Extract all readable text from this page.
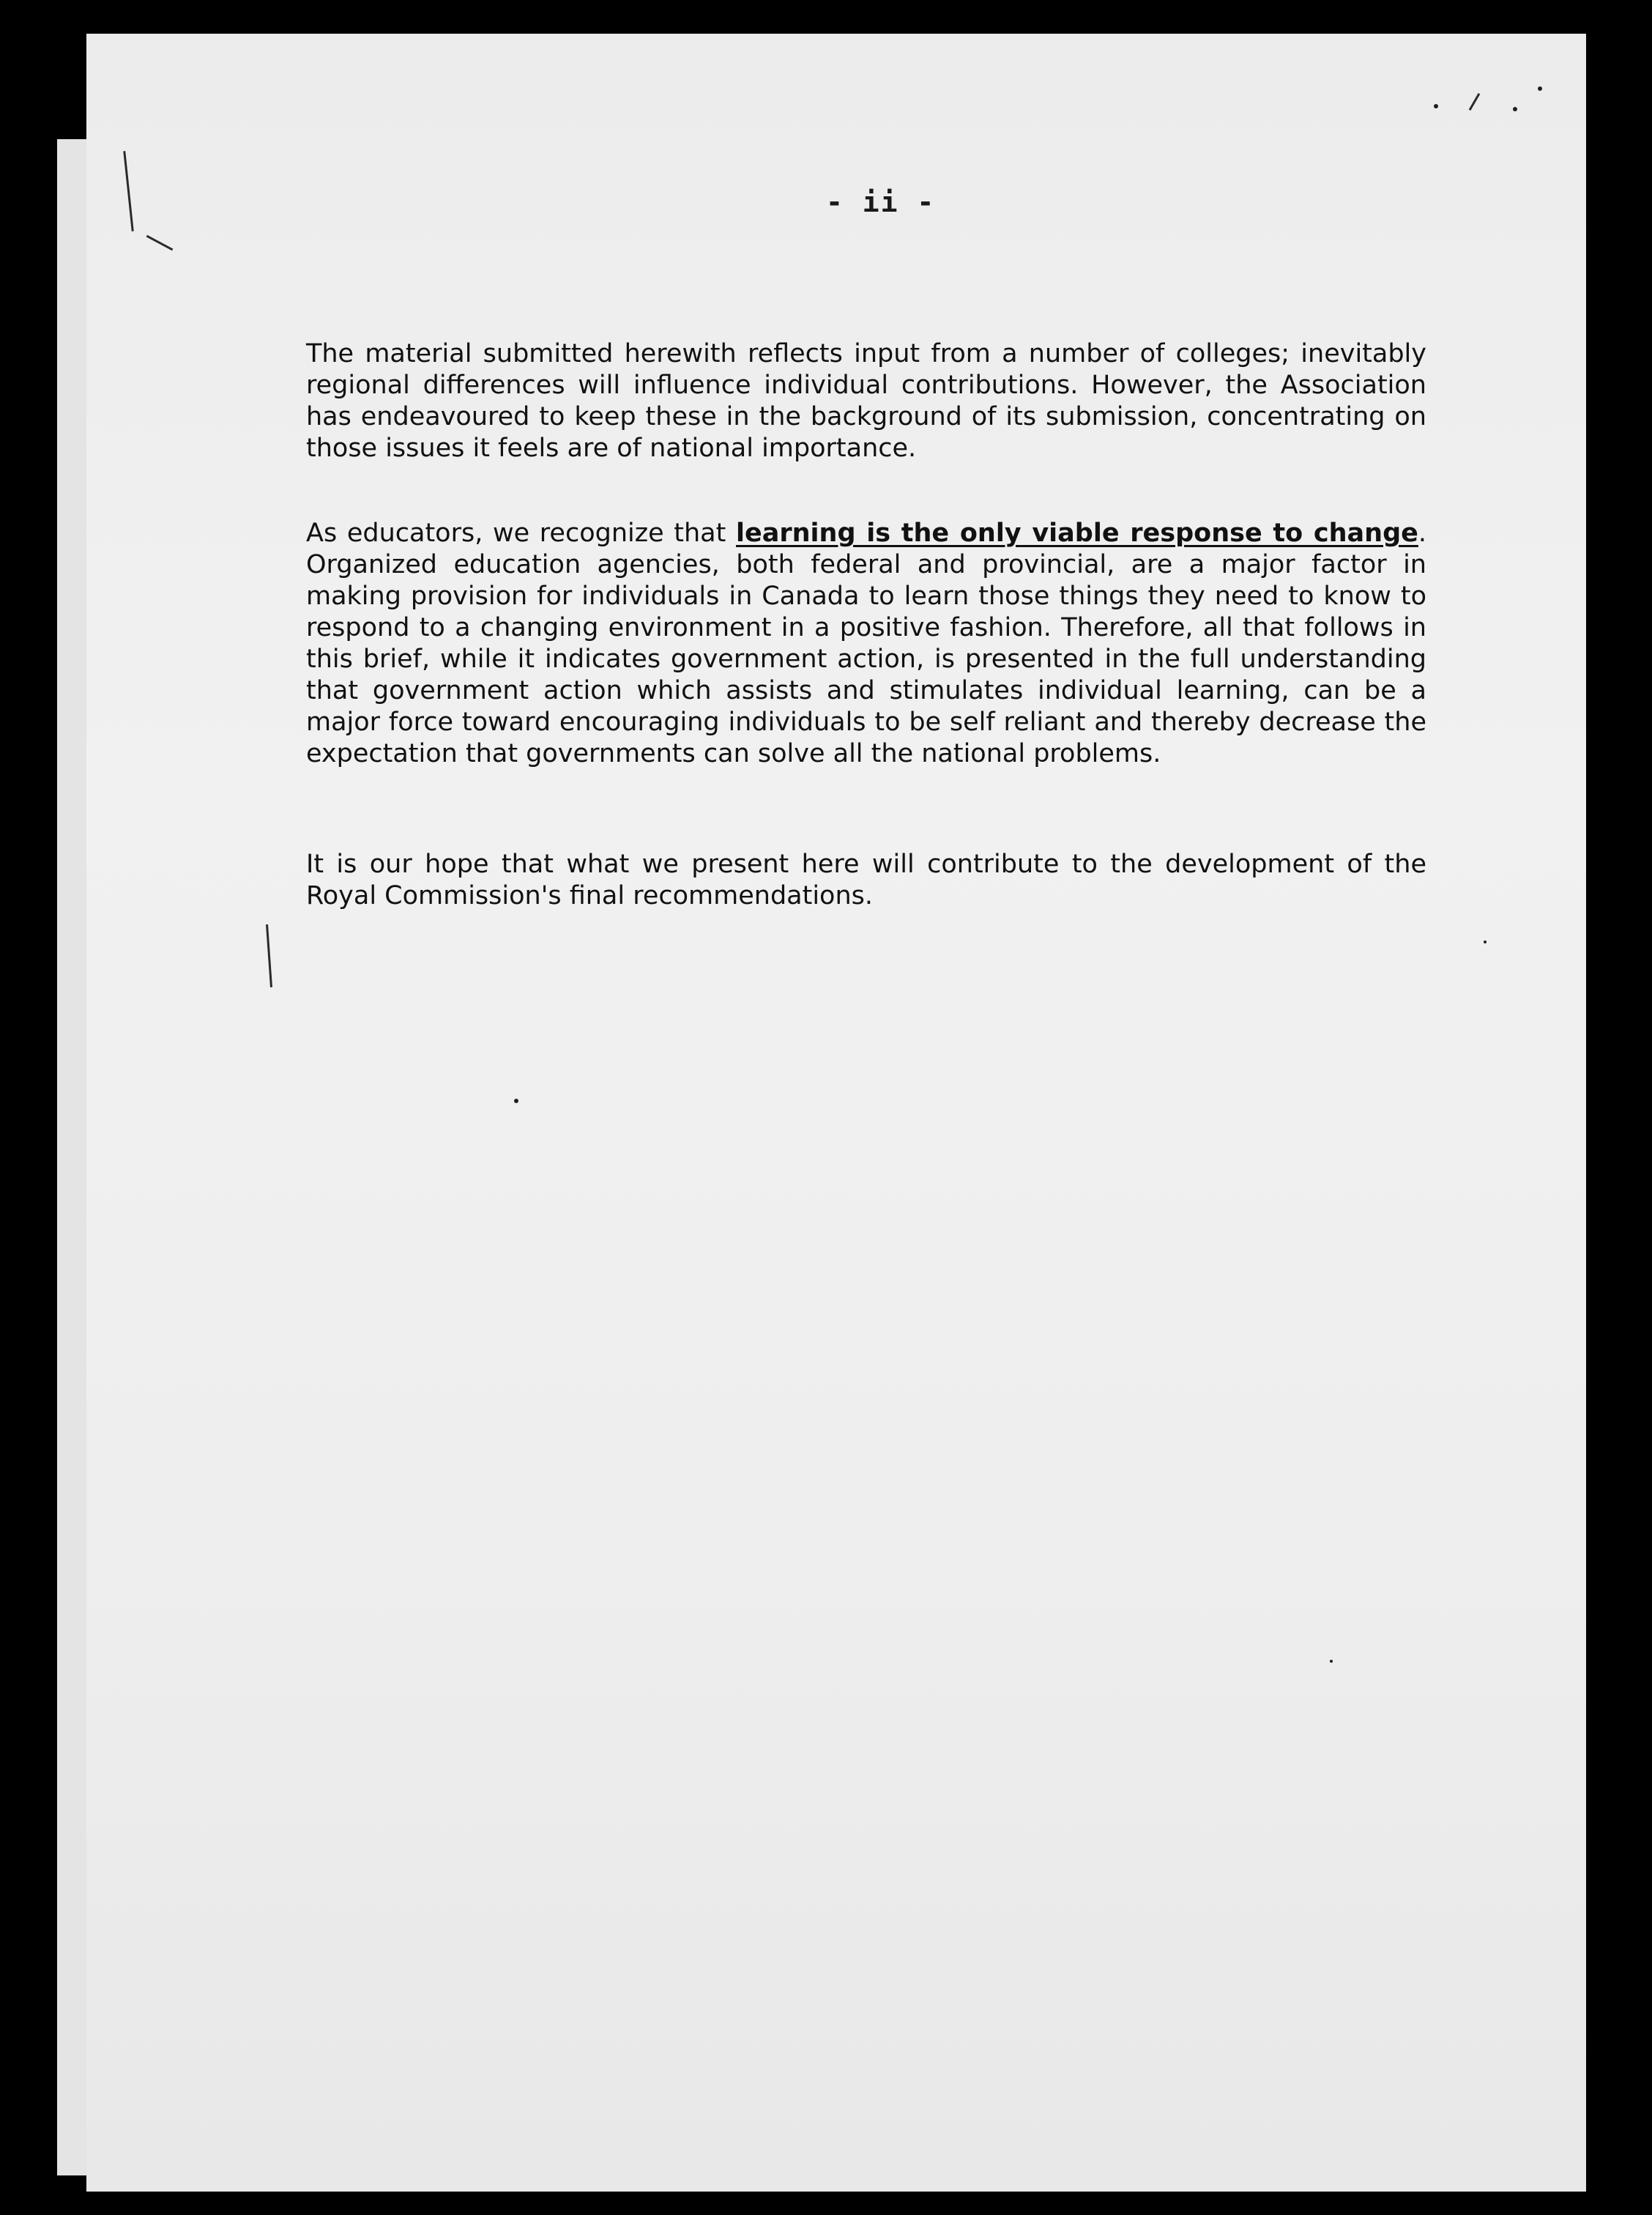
- ii -
The material submitted herewith reflects input from a number of colleges; inevitably regional differences will influence individual contributions. However, the Association has endeavoured to keep these in the background of its submission, concentrating on those issues it feels are of national importance.
As educators, we recognize that learning is the only viable response to change. Organized education agencies, both federal and provincial, are a major factor in making provision for individuals in Canada to learn those things they need to know to respond to a changing environment in a positive fashion. Therefore, all that follows in this brief, while it indicates government action, is presented in the full understanding that government action which assists and stimulates individual learning, can be a major force toward encouraging individuals to be self reliant and thereby decrease the expectation that governments can solve all the national problems.
It is our hope that what we present here will contribute to the development of the Royal Commission's final recommendations.
